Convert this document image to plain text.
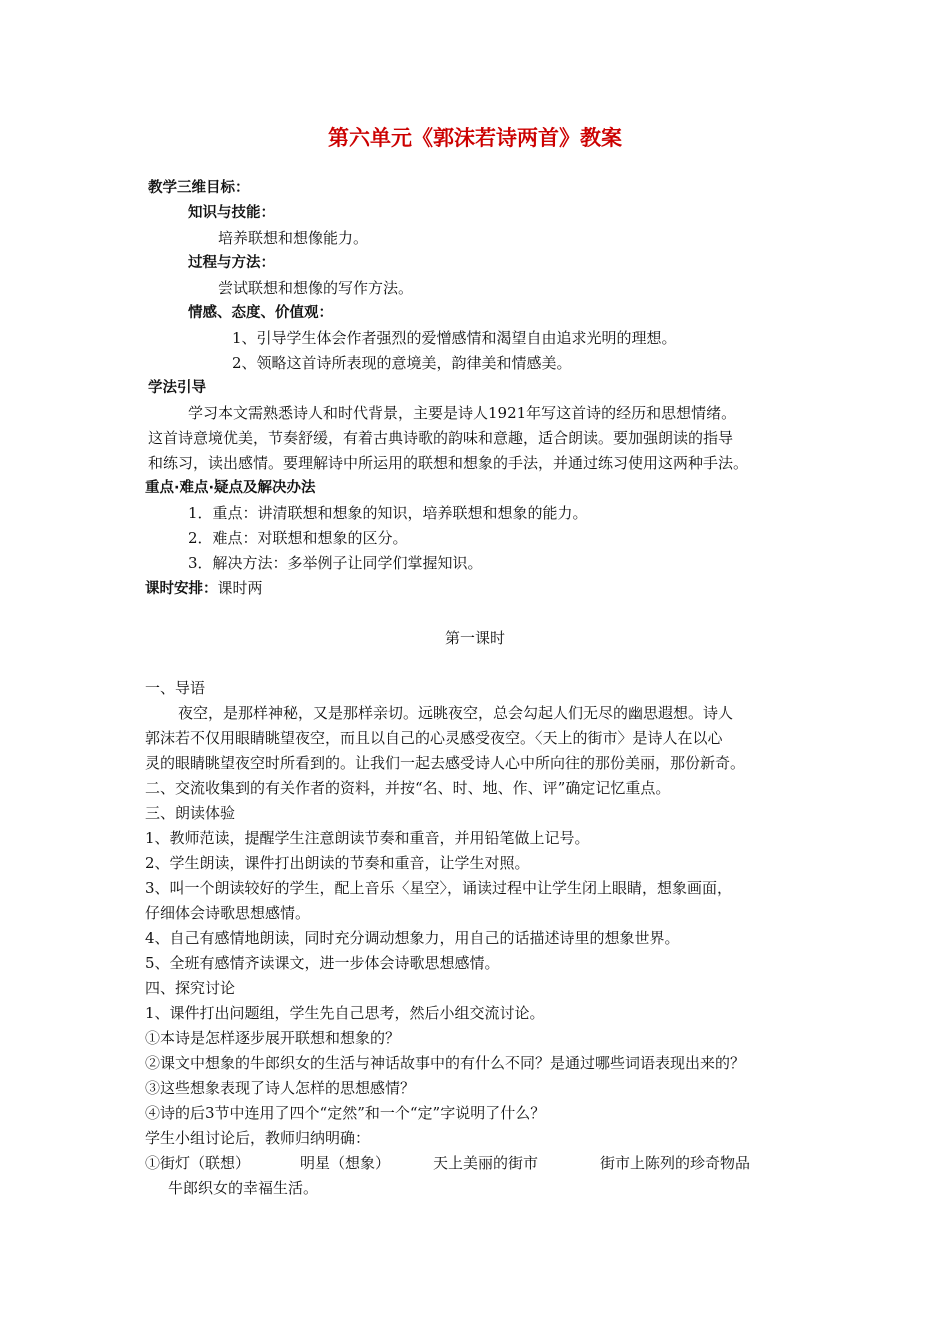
第六单元《郭沫若诗两首》教案
教学三维目标：
知识与技能：
培养联想和想像能力。
过程与方法：
尝试联想和想像的写作方法。
情感、态度、价值观：
1、引导学生体会作者强烈的爱憎感情和渴望自由追求光明的理想。
2、领略这首诗所表现的意境美，韵律美和情感美。
学法引导
学习本文需熟悉诗人和时代背景，主要是诗人1921年写这首诗的经历和思想情绪。
这首诗意境优美，节奏舒缓，有着古典诗歌的韵味和意趣，适合朗读。要加强朗读的指导
和练习，读出感情。要理解诗中所运用的联想和想象的手法，并通过练习使用这两种手法。
重点·难点·疑点及解决办法
1．重点：讲清联想和想象的知识，培养联想和想象的能力。
2．难点：对联想和想象的区分。
3．解决方法：多举例子让同学们掌握知识。
课时安排：课时两
第一课时
一、导语
夜空，是那样神秘，又是那样亲切。远眺夜空，总会勾起人们无尽的幽思遐想。诗人
郭沫若不仅用眼睛眺望夜空，而且以自己的心灵感受夜空。〈天上的街市〉是诗人在以心
灵的眼睛眺望夜空时所看到的。让我们一起去感受诗人心中所向往的那份美丽，那份新奇。
二、交流收集到的有关作者的资料，并按“名、时、地、作、评”确定记忆重点。
三、朗读体验
1、教师范读，提醒学生注意朗读节奏和重音，并用铅笔做上记号。
2、学生朗读，课件打出朗读的节奏和重音，让学生对照。
3、叫一个朗读较好的学生，配上音乐〈星空〉，诵读过程中让学生闭上眼睛，想象画面，
仔细体会诗歌思想感情。
4、自己有感情地朗读，同时充分调动想象力，用自己的话描述诗里的想象世界。
5、全班有感情齐读课文，进一步体会诗歌思想感情。
四、探究讨论
1、课件打出问题组，学生先自己思考，然后小组交流讨论。
①本诗是怎样逐步展开联想和想象的？
②课文中想象的牛郎织女的生活与神话故事中的有什么不同？是通过哪些词语表现出来的？
③这些想象表现了诗人怎样的思想感情？
④诗的后3节中连用了四个“定然”和一个“定”字说明了什么？
学生小组讨论后，教师归纳明确：
①街灯（联想）	明星（想象）	天上美丽的街市	街市上陈列的珍奇物品
牛郎织女的幸福生活。
